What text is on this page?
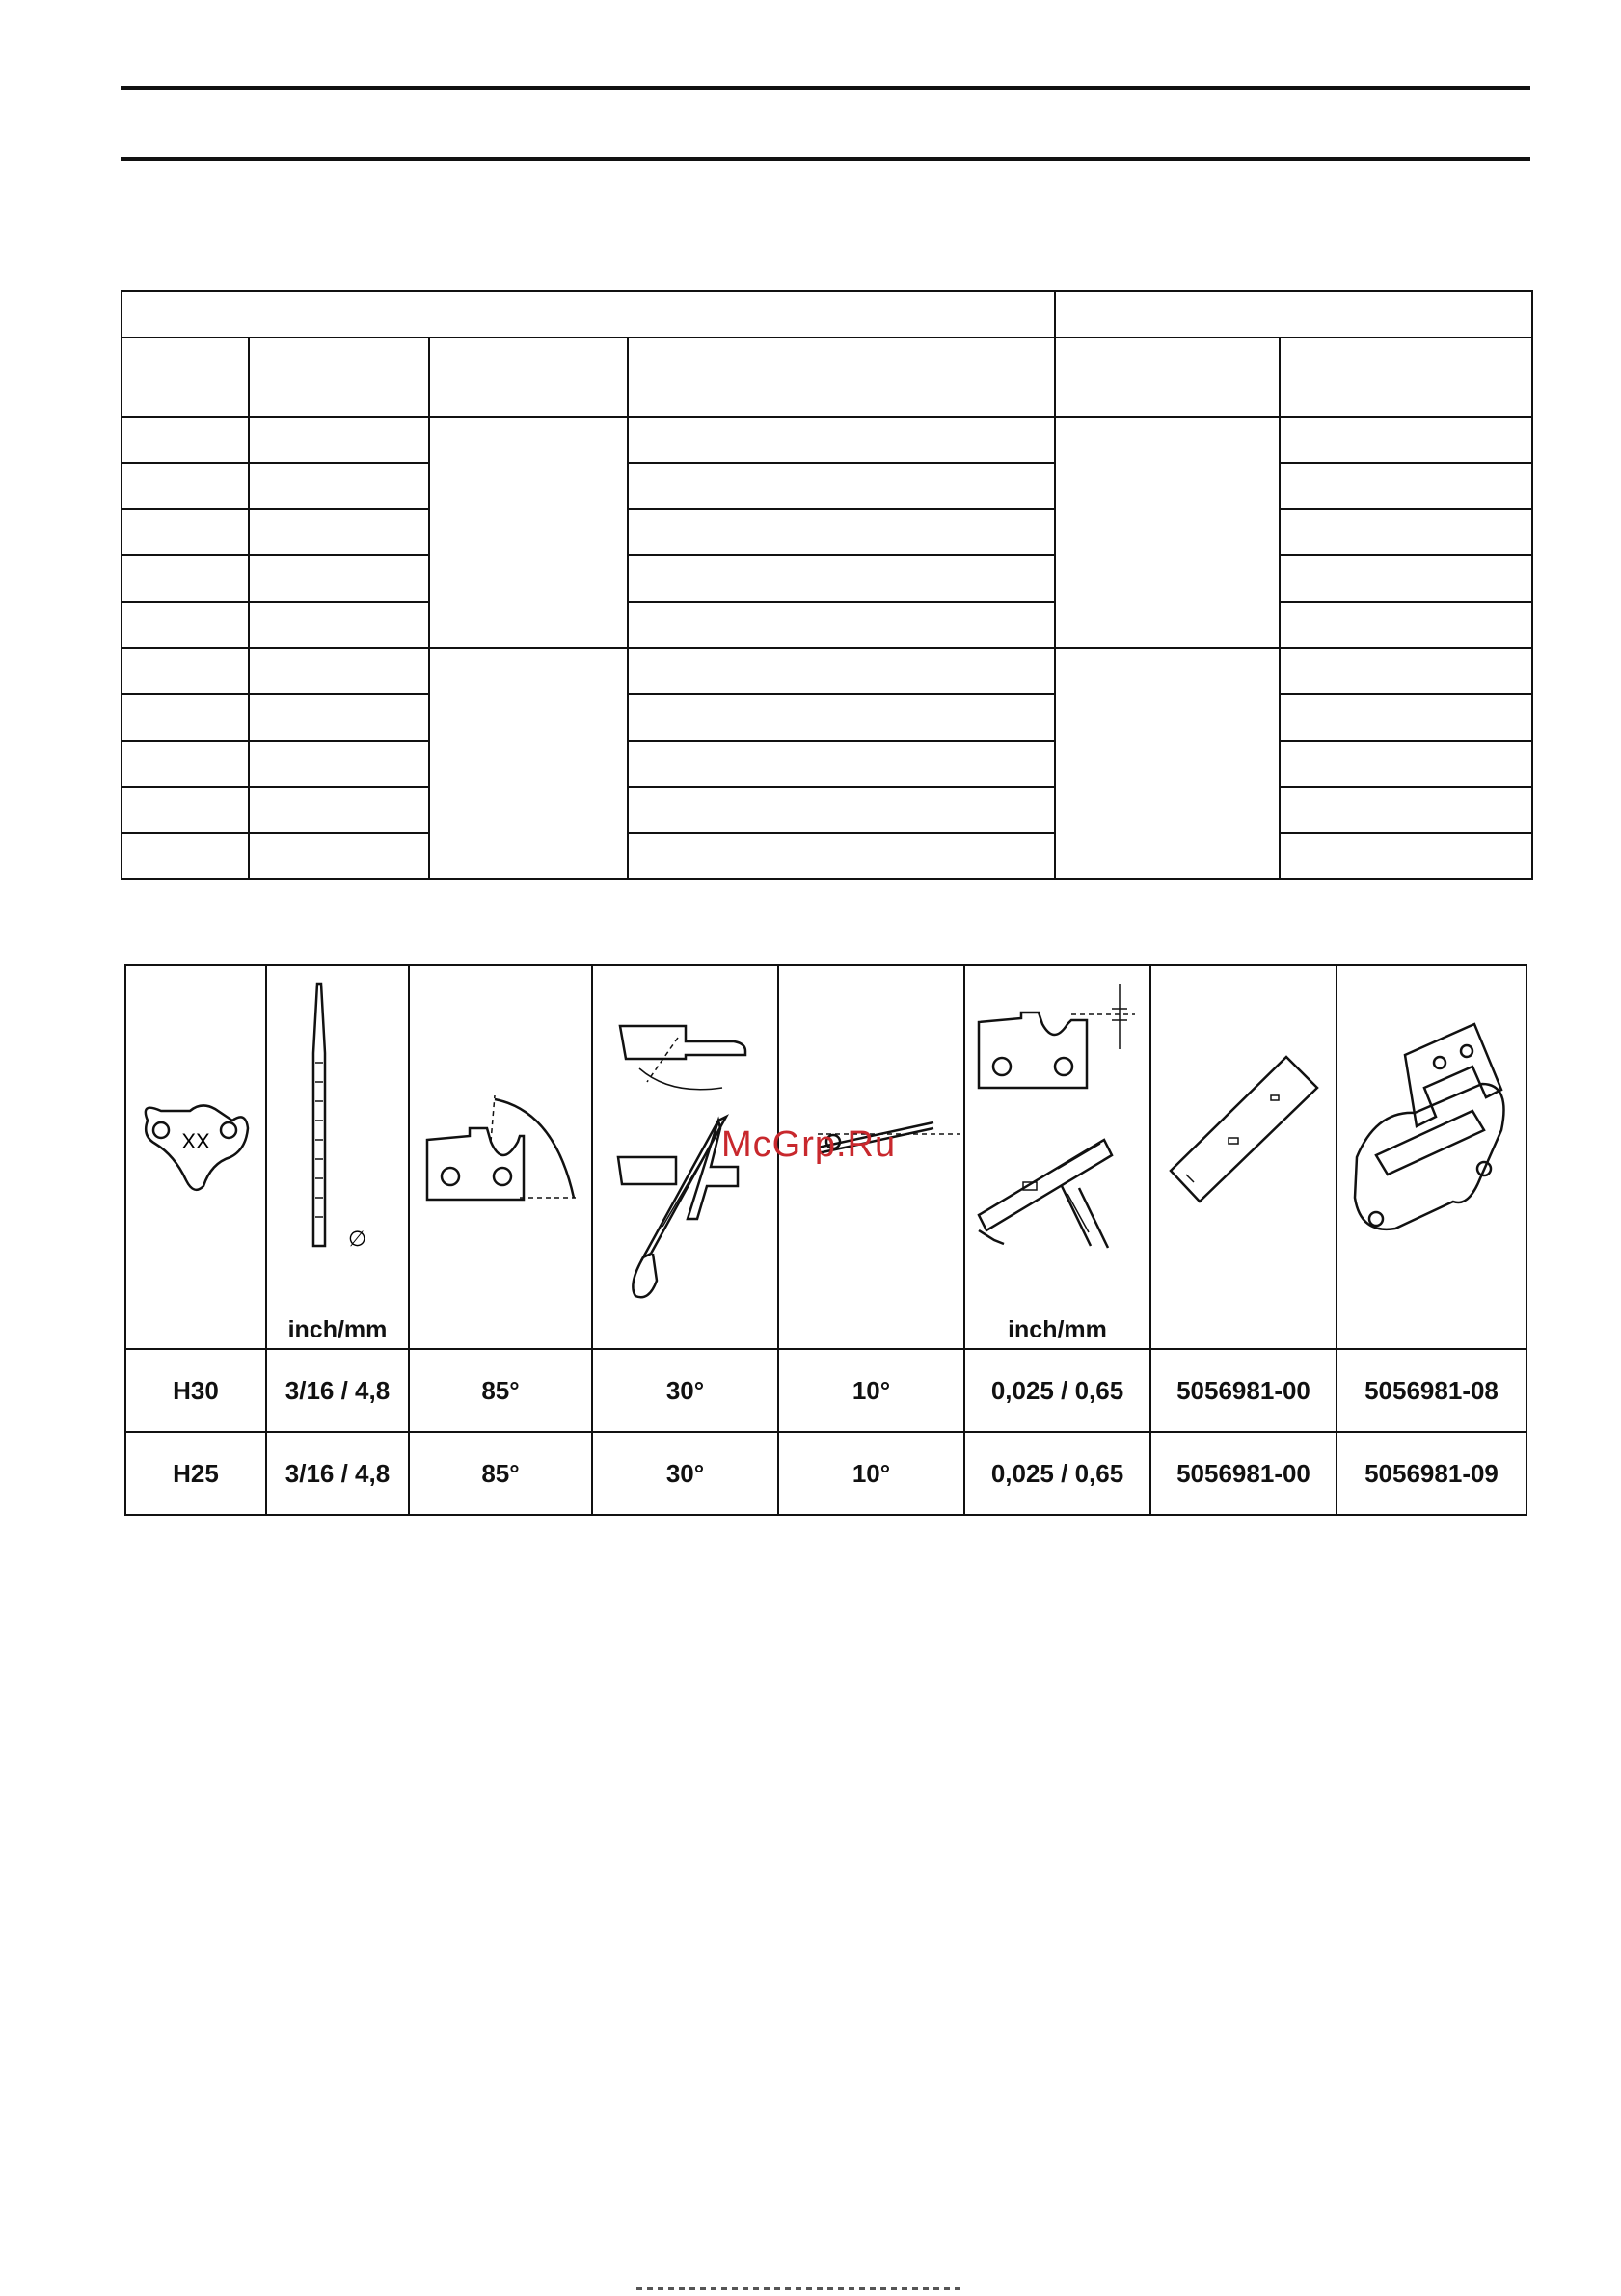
XX	∅
inch/mm				inch/mm

H30	3/16 / 4,8	85°	30°	10°	0,025 / 0,65	5056981-00	5056981-08
H25	3/16 / 4,8	85°	30°	10°	0,025 / 0,65	5056981-00	5056981-09
McGrp.Ru
